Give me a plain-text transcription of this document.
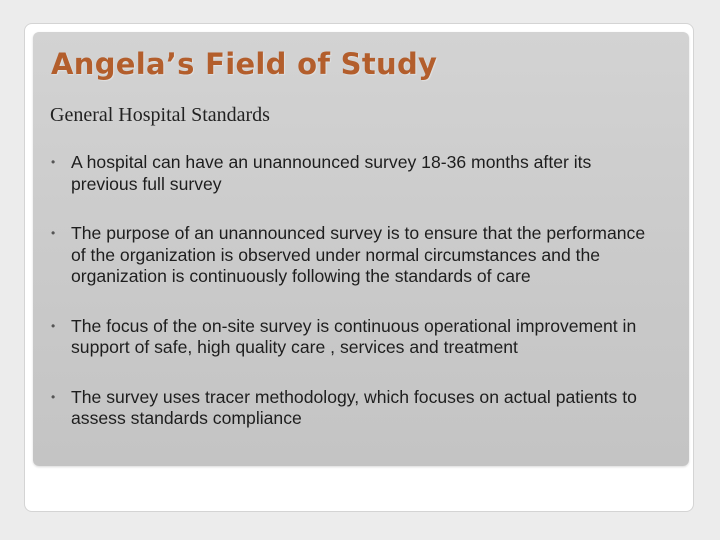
Angela’s Field of Study

General Hospital Standards

• A hospital can have an unannounced survey 18-36 months after its previous full survey
• The purpose of an unannounced survey is to ensure that the performance of the organization is observed under normal circumstances and the organization is continuously following the standards of care
• The focus of the on-site survey is continuous operational improvement in support of safe, high quality care , services and treatment
• The survey uses tracer methodology, which focuses on actual patients to assess standards compliance
